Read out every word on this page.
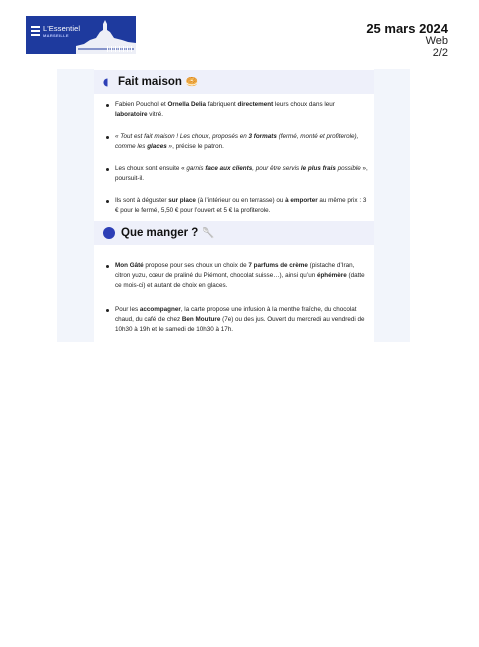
L'Essentiel
MARSEILLE	25 mars 2024
Web
2/2
Fait maison 🥯
Fabien Pouchol et Ornella Delia fabriquent directement leurs choux dans leur laboratoire vitré.
« Tout est fait maison ! Les choux, proposés en 3 formats (fermé, monté et profiterole), comme les glaces », précise le patron.
Les choux sont ensuite « garnis face aux clients, pour être servis le plus frais possible », poursuit-il.
Ils sont à déguster sur place (à l’intérieur ou en terrasse) ou à emporter au même prix : 3 € pour le fermé, 5,50 € pour l’ouvert et 5 € la profiterole.
Que manger ? 🥄
Mon Gâté propose pour ses choux un choix de 7 parfums de crème (pistache d’Iran, citron yuzu, cœur de praliné du Piémont, chocolat suisse…), ainsi qu’un éphémère (datte ce mois-ci) et autant de choix en glaces.
Pour les accompagner, la carte propose une infusion à la menthe fraîche, du chocolat chaud, du café de chez Ben Mouture (7e) ou des jus. Ouvert du mercredi au vendredi de 10h30 à 19h et le samedi de 10h30 à 17h.
